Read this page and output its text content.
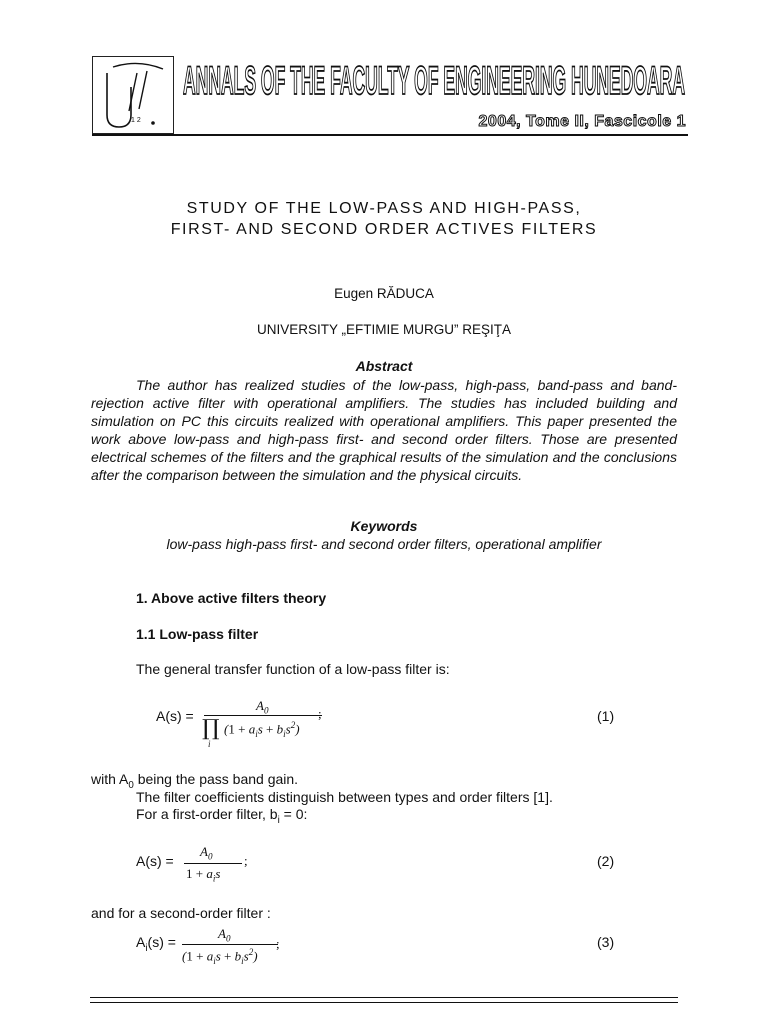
1 2
ANNALS OF THE FACULTY OF ENGINEERING HUNEDOARA
2004, Tome II, Fascicole 1
STUDY OF THE LOW-PASS AND HIGH-PASS,
FIRST- AND SECOND ORDER ACTIVES FILTERS
Eugen RĂDUCA
UNIVERSITY „EFTIMIE MURGU” REŞIŢA
Abstract

The author has realized studies of the low-pass, high-pass, band-pass and band-rejection active filter with operational amplifiers. The studies has included building and simulation on PC this circuits realized with operational amplifiers. This paper presented the work above low-pass and high-pass first- and second order filters. Those are presented electrical schemes of the filters and the graphical results of the simulation and the conclusions after the comparison between the simulation and the physical circuits.

Keywords
low-pass high-pass first- and second order filters, operational amplifier
1. Above active filters theory
1.1 Low-pass filter
The general transfer function of a low-pass filter is:
A(s) =
$A_0$
∏
i
$(1 + a_is + b_is^2)$
;	(1)
with $A_0$ being the pass band gain.
The filter coefficients distinguish between types and order filters [1].
For a first-order filter, $b_i = 0$:
A(s) =
$A_0$
$1 + a_is$
;	(2)
and for a second-order filter :
$A_i(s)$ =
$A_0$
$(1 + a_is + b_is^2)$
;	(3)
